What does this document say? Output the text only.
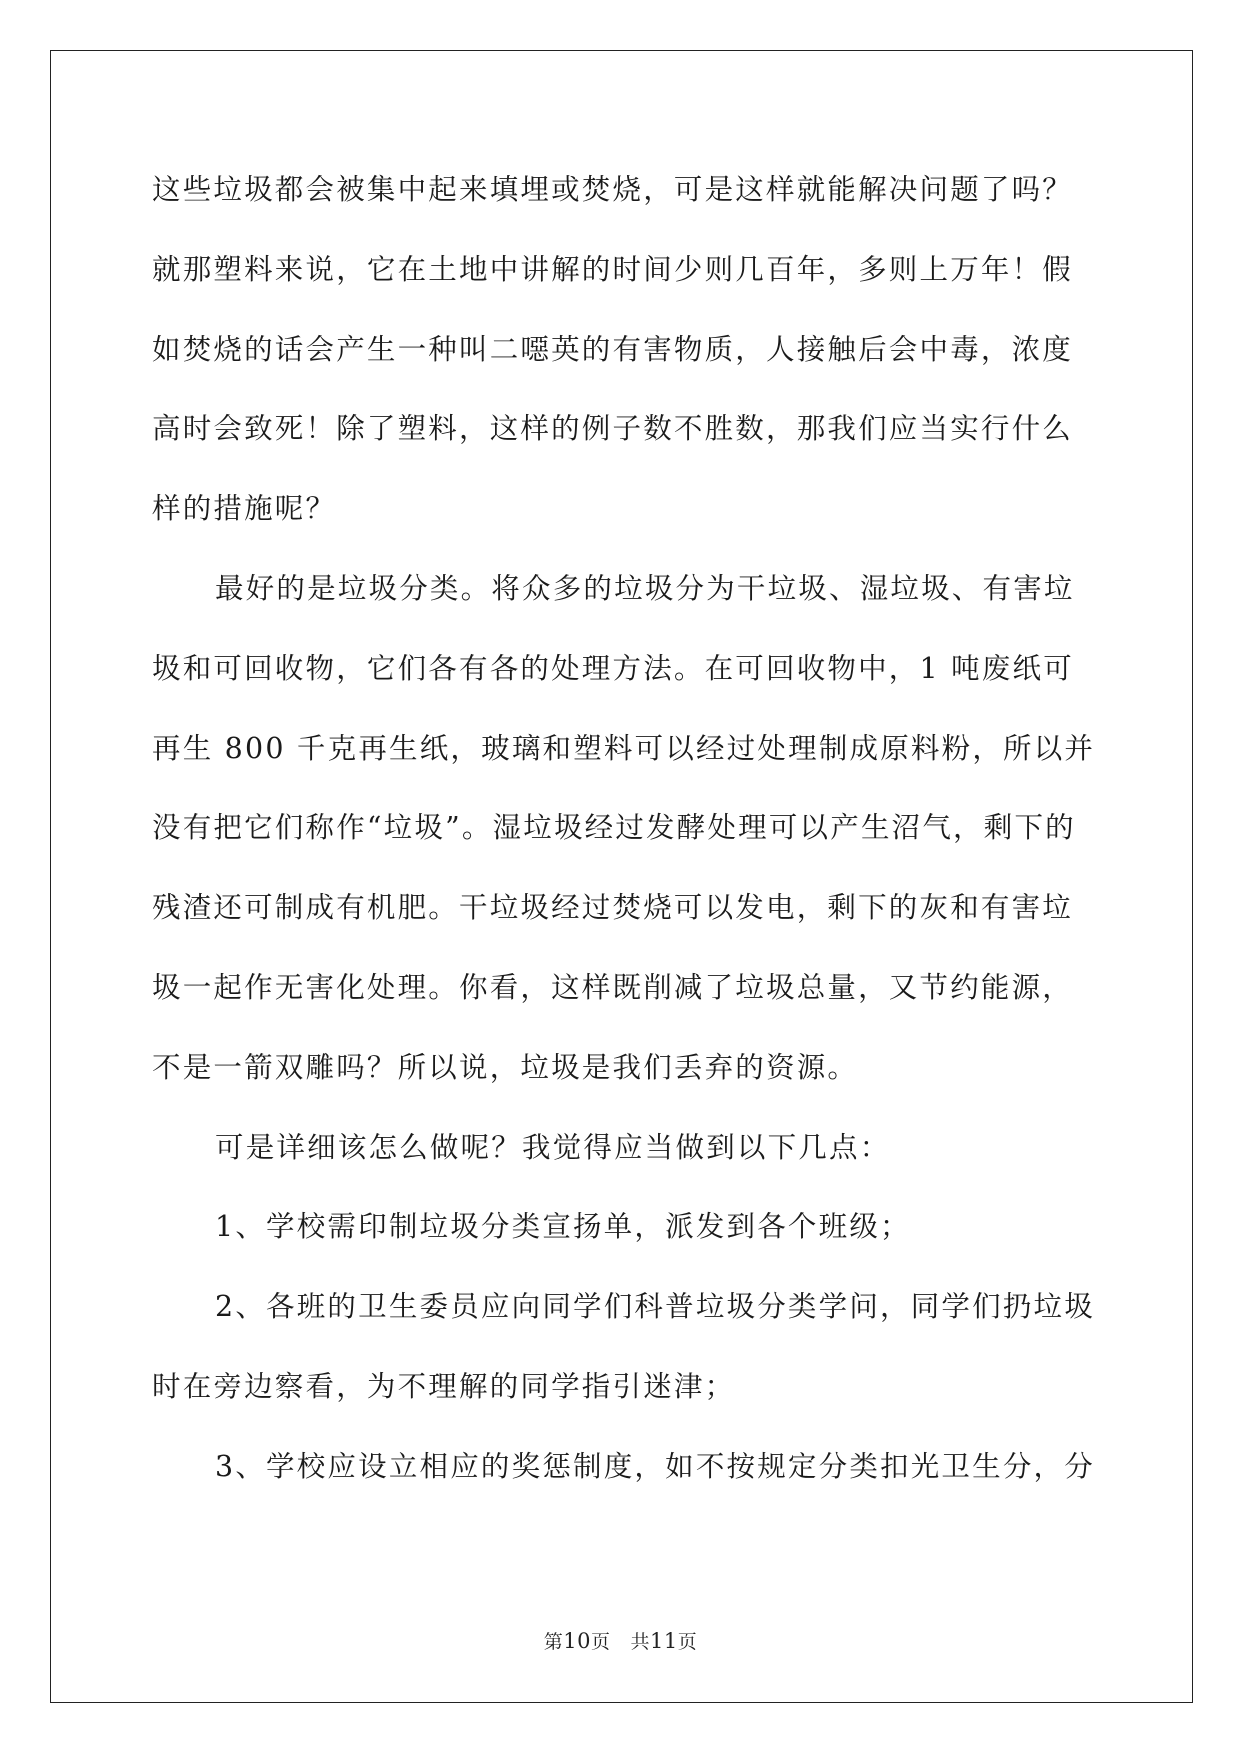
这些垃圾都会被集中起来填埋或焚烧，可是这样就能解决问题了吗？
就那塑料来说，它在土地中讲解的时间少则几百年，多则上万年！假
如焚烧的话会产生一种叫二噁英的有害物质，人接触后会中毒，浓度
高时会致死！除了塑料，这样的例子数不胜数，那我们应当实行什么
样的措施呢？
最好的是垃圾分类。将众多的垃圾分为干垃圾、湿垃圾、有害垃
圾和可回收物，它们各有各的处理方法。在可回收物中，1 吨废纸可
再生 800 千克再生纸，玻璃和塑料可以经过处理制成原料粉，所以并
没有把它们称作“垃圾”。湿垃圾经过发酵处理可以产生沼气，剩下的
残渣还可制成有机肥。干垃圾经过焚烧可以发电，剩下的灰和有害垃
圾一起作无害化处理。你看，这样既削减了垃圾总量，又节约能源，
不是一箭双雕吗？所以说，垃圾是我们丢弃的资源。
可是详细该怎么做呢？我觉得应当做到以下几点：
1、学校需印制垃圾分类宣扬单，派发到各个班级；
2、各班的卫生委员应向同学们科普垃圾分类学问，同学们扔垃圾
时在旁边察看，为不理解的同学指引迷津；
3、学校应设立相应的奖惩制度，如不按规定分类扣光卫生分，分
第10页 共11页
